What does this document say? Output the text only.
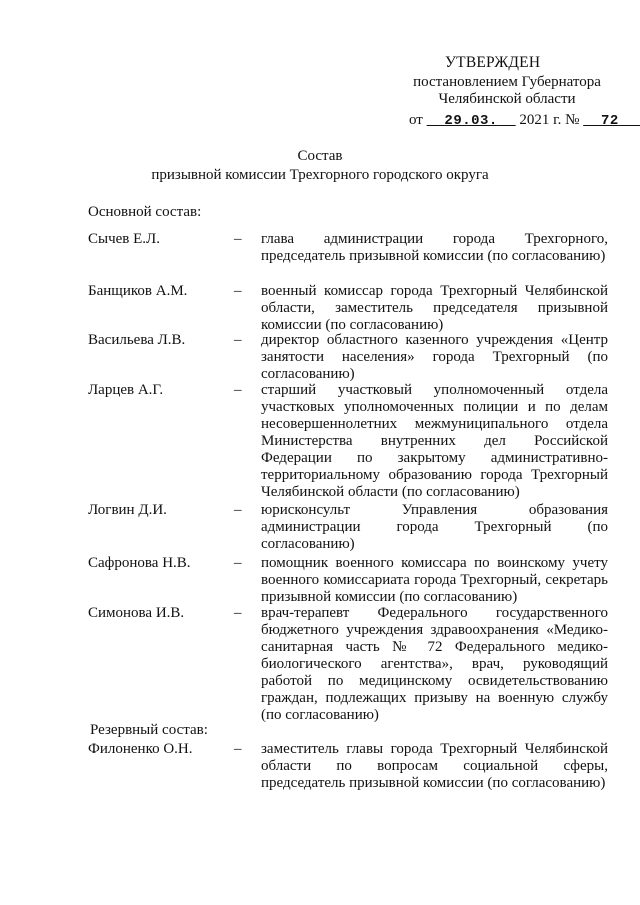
УТВЕРЖДЕН
постановлением Губернатора
Челябинской области
от 29.03. 2021 г. № 72
Состав
призывной комиссии Трехгорного городского округа
Основной состав:
Сычев Е.Л.	– глава администрации города Трехгорного, председатель призывной комиссии (по согласованию)
Банщиков А.М.	– военный комиссар города Трехгорный Челябинской области, заместитель председателя призывной комиссии (по согласованию)
Васильева Л.В.	– директор областного казенного учреждения «Центр занятости населения» города Трехгорный (по согласованию)
Ларцев А.Г.	– старший участковый уполномоченный отдела участковых уполномоченных полиции и по делам несовершеннолетних межмуниципального отдела Министерства внутренних дел Российской Федерации по закрытому административно-территориальному образованию города Трехгорный Челябинской области (по согласованию)
Логвин Д.И.	– юрисконсульт Управления образования администрации города Трехгорный (по согласованию)
Сафронова Н.В.	– помощник военного комиссара по воинскому учету военного комиссариата города Трехгорный, секретарь призывной комиссии (по согласованию)
Симонова И.В.	– врач-терапевт Федерального государственного бюджетного учреждения здравоохранения «Медико-санитарная часть № 72 Федерального медико-биологического агентства», врач, руководящий работой по медицинскому освидетельствованию граждан, подлежащих призыву на военную службу (по согласованию)
Резервный состав:
Филоненко О.Н.	– заместитель главы города Трехгорный Челябинской области по вопросам социальной сферы, председатель призывной комиссии (по согласованию)
